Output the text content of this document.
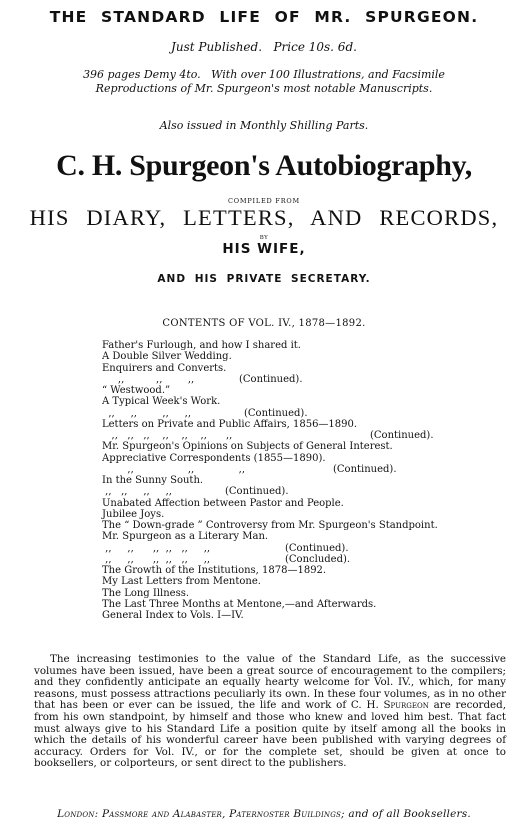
THE STANDARD LIFE OF MR. SPURGEON.
Just Published.   Price 10s. 6d.
396 pages Demy 4to.   With over 100 Illustrations, and Facsimile
Reproductions of Mr. Spurgeon's most notable Manuscripts.
Also issued in Monthly Shilling Parts.
C. H. Spurgeon's Autobiography,
COMPILED FROM
HIS DIARY, LETTERS, AND RECORDS,
BY
HIS WIFE,
AND HIS PRIVATE SECRETARY.
CONTENTS OF VOL. IV., 1878—1892.
Father's Furlough, and how I shared it.
A Double Silver Wedding.
Enquirers and Converts.
,,          ,,        ,,	(Continued).
“ Westwood.”
A Typical Week's Work.
,,     ,,        ,,     ,,	(Continued).
Letters on Private and Public Affairs, 1856—1890.
,,   ,,   ,,    ,,    ,,    ,,      ,,	(Continued).
Mr. Spurgeon's Opinions on Subjects of General Interest.
Appreciative Correspondents (1855—1890).
,,                 ,,              ,,	(Continued).
In the Sunny South.
,,   ,,     ,,     ,,	(Continued).
Unabated Affection between Pastor and People.
Jubilee Joys.
The “ Down-grade ” Controversy from Mr. Spurgeon's Standpoint.
Mr. Spurgeon as a Literary Man.
,,     ,,      ,,  ,,   ,,     ,,	(Continued).
,,     ,,      ,,  ,,   ,,     ,,	(Concluded).
The Growth of the Institutions, 1878—1892.
My Last Letters from Mentone.
The Long Illness.
The Last Three Months at Mentone,—and Afterwards.
General Index to Vols. I—IV.
The increasing testimonies to the value of the Standard Life, as the successive volumes have been issued, have been a great source of encouragement to the compilers; and they confidently anticipate an equally hearty welcome for Vol. IV., which, for many reasons, must possess attractions peculiarly its own. In these four volumes, as in no other that has been or ever can be issued, the life and work of C. H. Spurgeon are recorded, from his own standpoint, by himself and those who knew and loved him best. That fact must always give to his Standard Life a position quite by itself among all the books in which the details of his wonderful career have been published with varying degrees of accuracy. Orders for Vol. IV., or for the complete set, should be given at once to booksellers, or colporteurs, or sent direct to the publishers.
London: Passmore and Alabaster, Paternoster Buildings; and of all Booksellers.
